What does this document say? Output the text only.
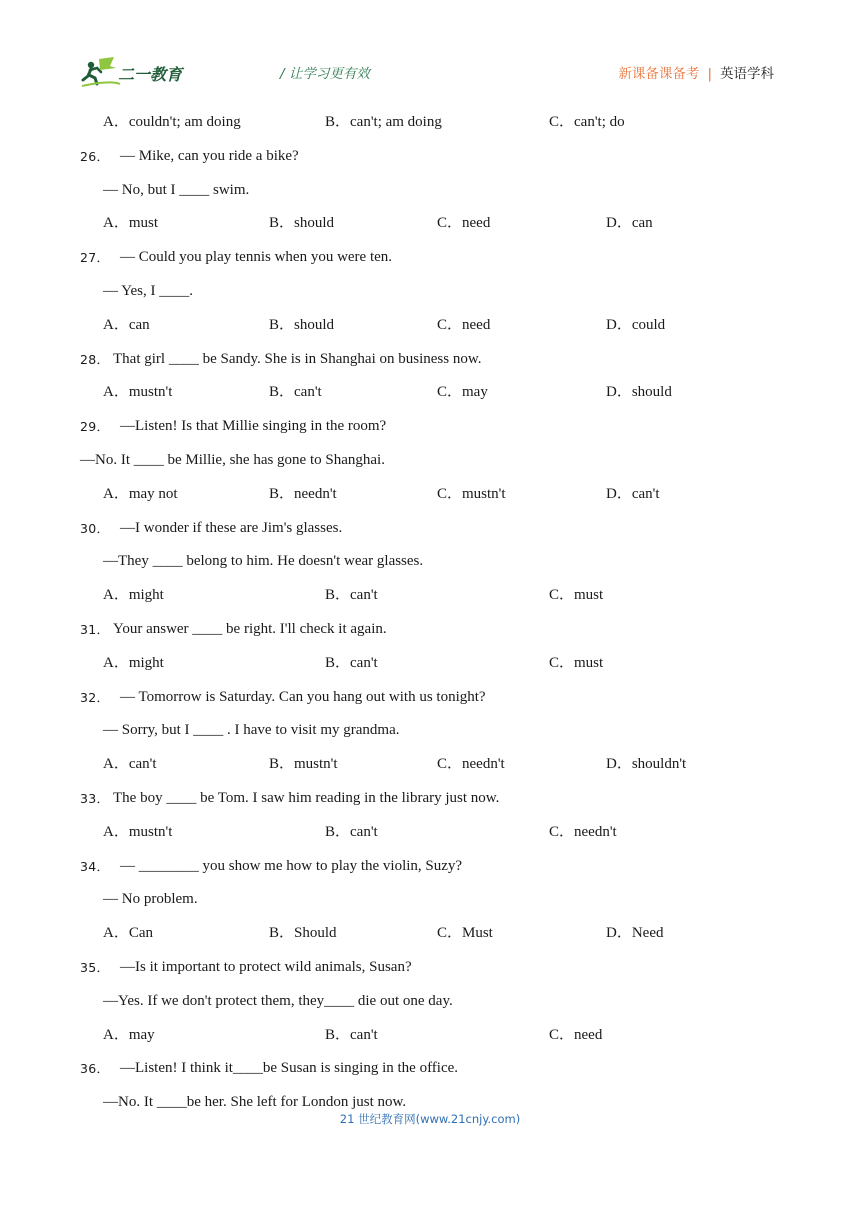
二一教育	/ 让学习更有效	新课备课备考 | 英语学科
A．couldn't; am doing	B．can't; am doing	C．can't; do
26． — Mike, can you ride a bike?
— No, but I ____ swim.
A．must	B．should	C．need	D．can
27． — Could you play tennis when you were ten.
— Yes, I ____.
A．can	B．should	C．need	D．could
28． That girl ____ be Sandy. She is in Shanghai on business now.
A．mustn't	B．can't	C．may	D．should
29． —Listen! Is that Millie singing in the room?
—No. It ____ be Millie, she has gone to Shanghai.
A．may not	B．needn't	C．mustn't	D．can't
30． —I wonder if these are Jim's glasses.
—They ____ belong to him. He doesn't wear glasses.
A．might	B．can't	C．must
31． Your answer ____ be right. I'll check it again.
A．might	B．can't	C．must
32． — Tomorrow is Saturday. Can you hang out with us tonight?
— Sorry, but I ____ . I have to visit my grandma.
A．can't	B．mustn't	C．needn't	D．shouldn't
33． The boy ____ be Tom. I saw him reading in the library just now.
A．mustn't	B．can't	C．needn't
34． — ________ you show me how to play the violin, Suzy?
— No problem.
A．Can	B．Should	C．Must	D．Need
35． —Is it important to protect wild animals, Susan?
—Yes. If we don't protect them, they____ die out one day.
A．may	B．can't	C．need
36． —Listen! I think it____be Susan is singing in the office.
—No. It ____be her. She left for London just now.
21 世纪教育网(www.21cnjy.com)
